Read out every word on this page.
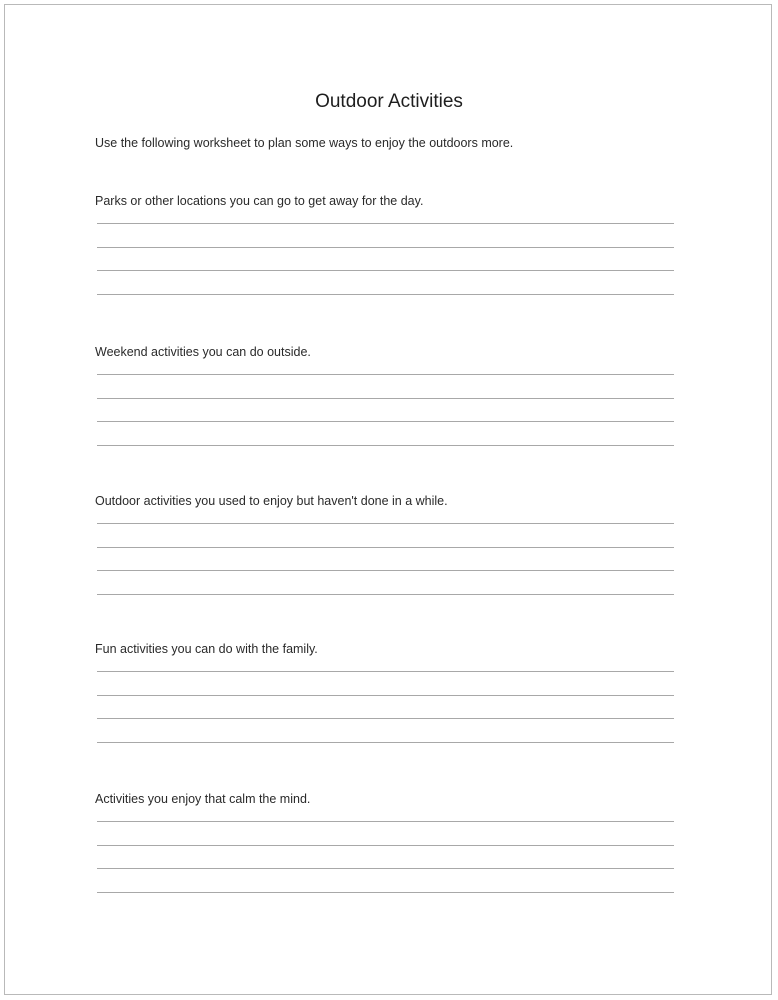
Outdoor Activities
Use the following worksheet to plan some ways to enjoy the outdoors more.
Parks or other locations you can go to get away for the day.
Weekend activities you can do outside.
Outdoor activities you used to enjoy but haven't done in a while.
Fun activities you can do with the family.
Activities you enjoy that calm the mind.
